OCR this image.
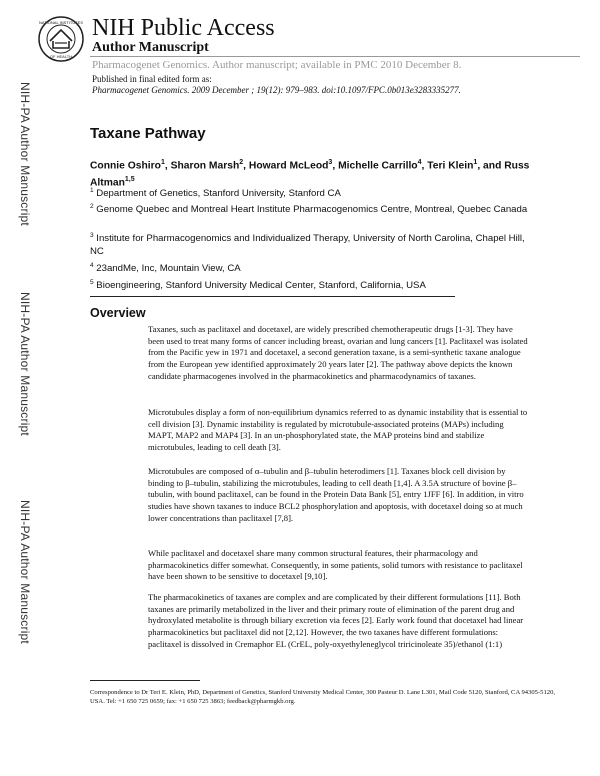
NATIONAL INSTITUTES
OF HEALTH
NIH Public Access
Author Manuscript
Pharmacogenet Genomics. Author manuscript; available in PMC 2010 December 8.
Published in final edited form as:
Pharmacogenet Genomics. 2009 December ; 19(12): 979–983. doi:10.1097/FPC.0b013e3283335277.
NIH-PA Author Manuscript
NIH-PA Author Manuscript
NIH-PA Author Manuscript
Taxane Pathway
Connie Oshiro$^1$, Sharon Marsh$^2$, Howard McLeod$^3$, Michelle Carrillo$^4$, Teri Klein$^1$, and Russ Altman$^{1,5}$
$^1$ Department of Genetics, Stanford University, Stanford CA
$^2$ Genome Quebec and Montreal Heart Institute Pharmacogenomics Centre, Montreal, Quebec Canada
$^3$ Institute for Pharmacogenomics and Individualized Therapy, University of North Carolina, Chapel Hill, NC
$^4$ 23andMe, Inc, Mountain View, CA
$^5$ Bioengineering, Stanford University Medical Center, Stanford, California, USA
Overview
Taxanes, such as paclitaxel and docetaxel, are widely prescribed chemotherapeutic drugs [1-3]. They have been used to treat many forms of cancer including breast, ovarian and lung cancers [1]. Paclitaxel was isolated from the Pacific yew in 1971 and docetaxel, a second generation taxane, is a semi-synthetic taxane analogue from the European yew identified approximately 20 years later [2]. The pathway above depicts the known candidate pharmacogenes involved in the pharmacokinetics and pharmacodynamics of taxanes.
Microtubules display a form of non-equilibrium dynamics referred to as dynamic instability that is essential to cell division [3]. Dynamic instability is regulated by microtubule-associated proteins (MAPs) including MAPT, MAP2 and MAP4 [3]. In an un-phosphorylated state, the MAP proteins bind and stabilize microtubules, leading to cell death [3].
Microtubules are composed of α–tubulin and β–tubulin heterodimers [1]. Taxanes block cell division by binding to β–tubulin, stabilizing the microtubules, leading to cell death [1,4]. A 3.5A structure of bovine β–tubulin, with bound paclitaxel, can be found in the Protein Data Bank [5], entry 1JFF [6]. In addition, in vitro studies have shown taxanes to induce BCL2 phosphorylation and apoptosis, with docetaxel doing so at much lower concentrations than paclitaxel [7,8].
While paclitaxel and docetaxel share many common structural features, their pharmacology and pharmacokinetics differ somewhat. Consequently, in some patients, solid tumors with resistance to paclitaxel have been shown to be sensitive to docetaxel [9,10].
The pharmacokinetics of taxanes are complex and are complicated by their different formulations [11]. Both taxanes are primarily metabolized in the liver and their primary route of elimination of the parent drug and hydroxylated metabolite is through biliary excretion via feces [2]. Early work found that docetaxel had linear pharmacokinetics but paclitaxel did not [2,12]. However, the two taxanes have different formulations: paclitaxel is dissolved in Cremaphor EL (CrEL, poly-oxyethyleneglycol triricinoleate 35)/ethanol (1:1)
Correspondence to Dr Teri E. Klein, PhD, Department of Genetics, Stanford University Medical Center, 300 Pasteur D. Lane L301, Mail Code 5120, Stanford, CA 94305-5120, USA. Tel: +1 650 725 0659; fax: +1 650 725 3863; feedback@pharmgkb.org.
